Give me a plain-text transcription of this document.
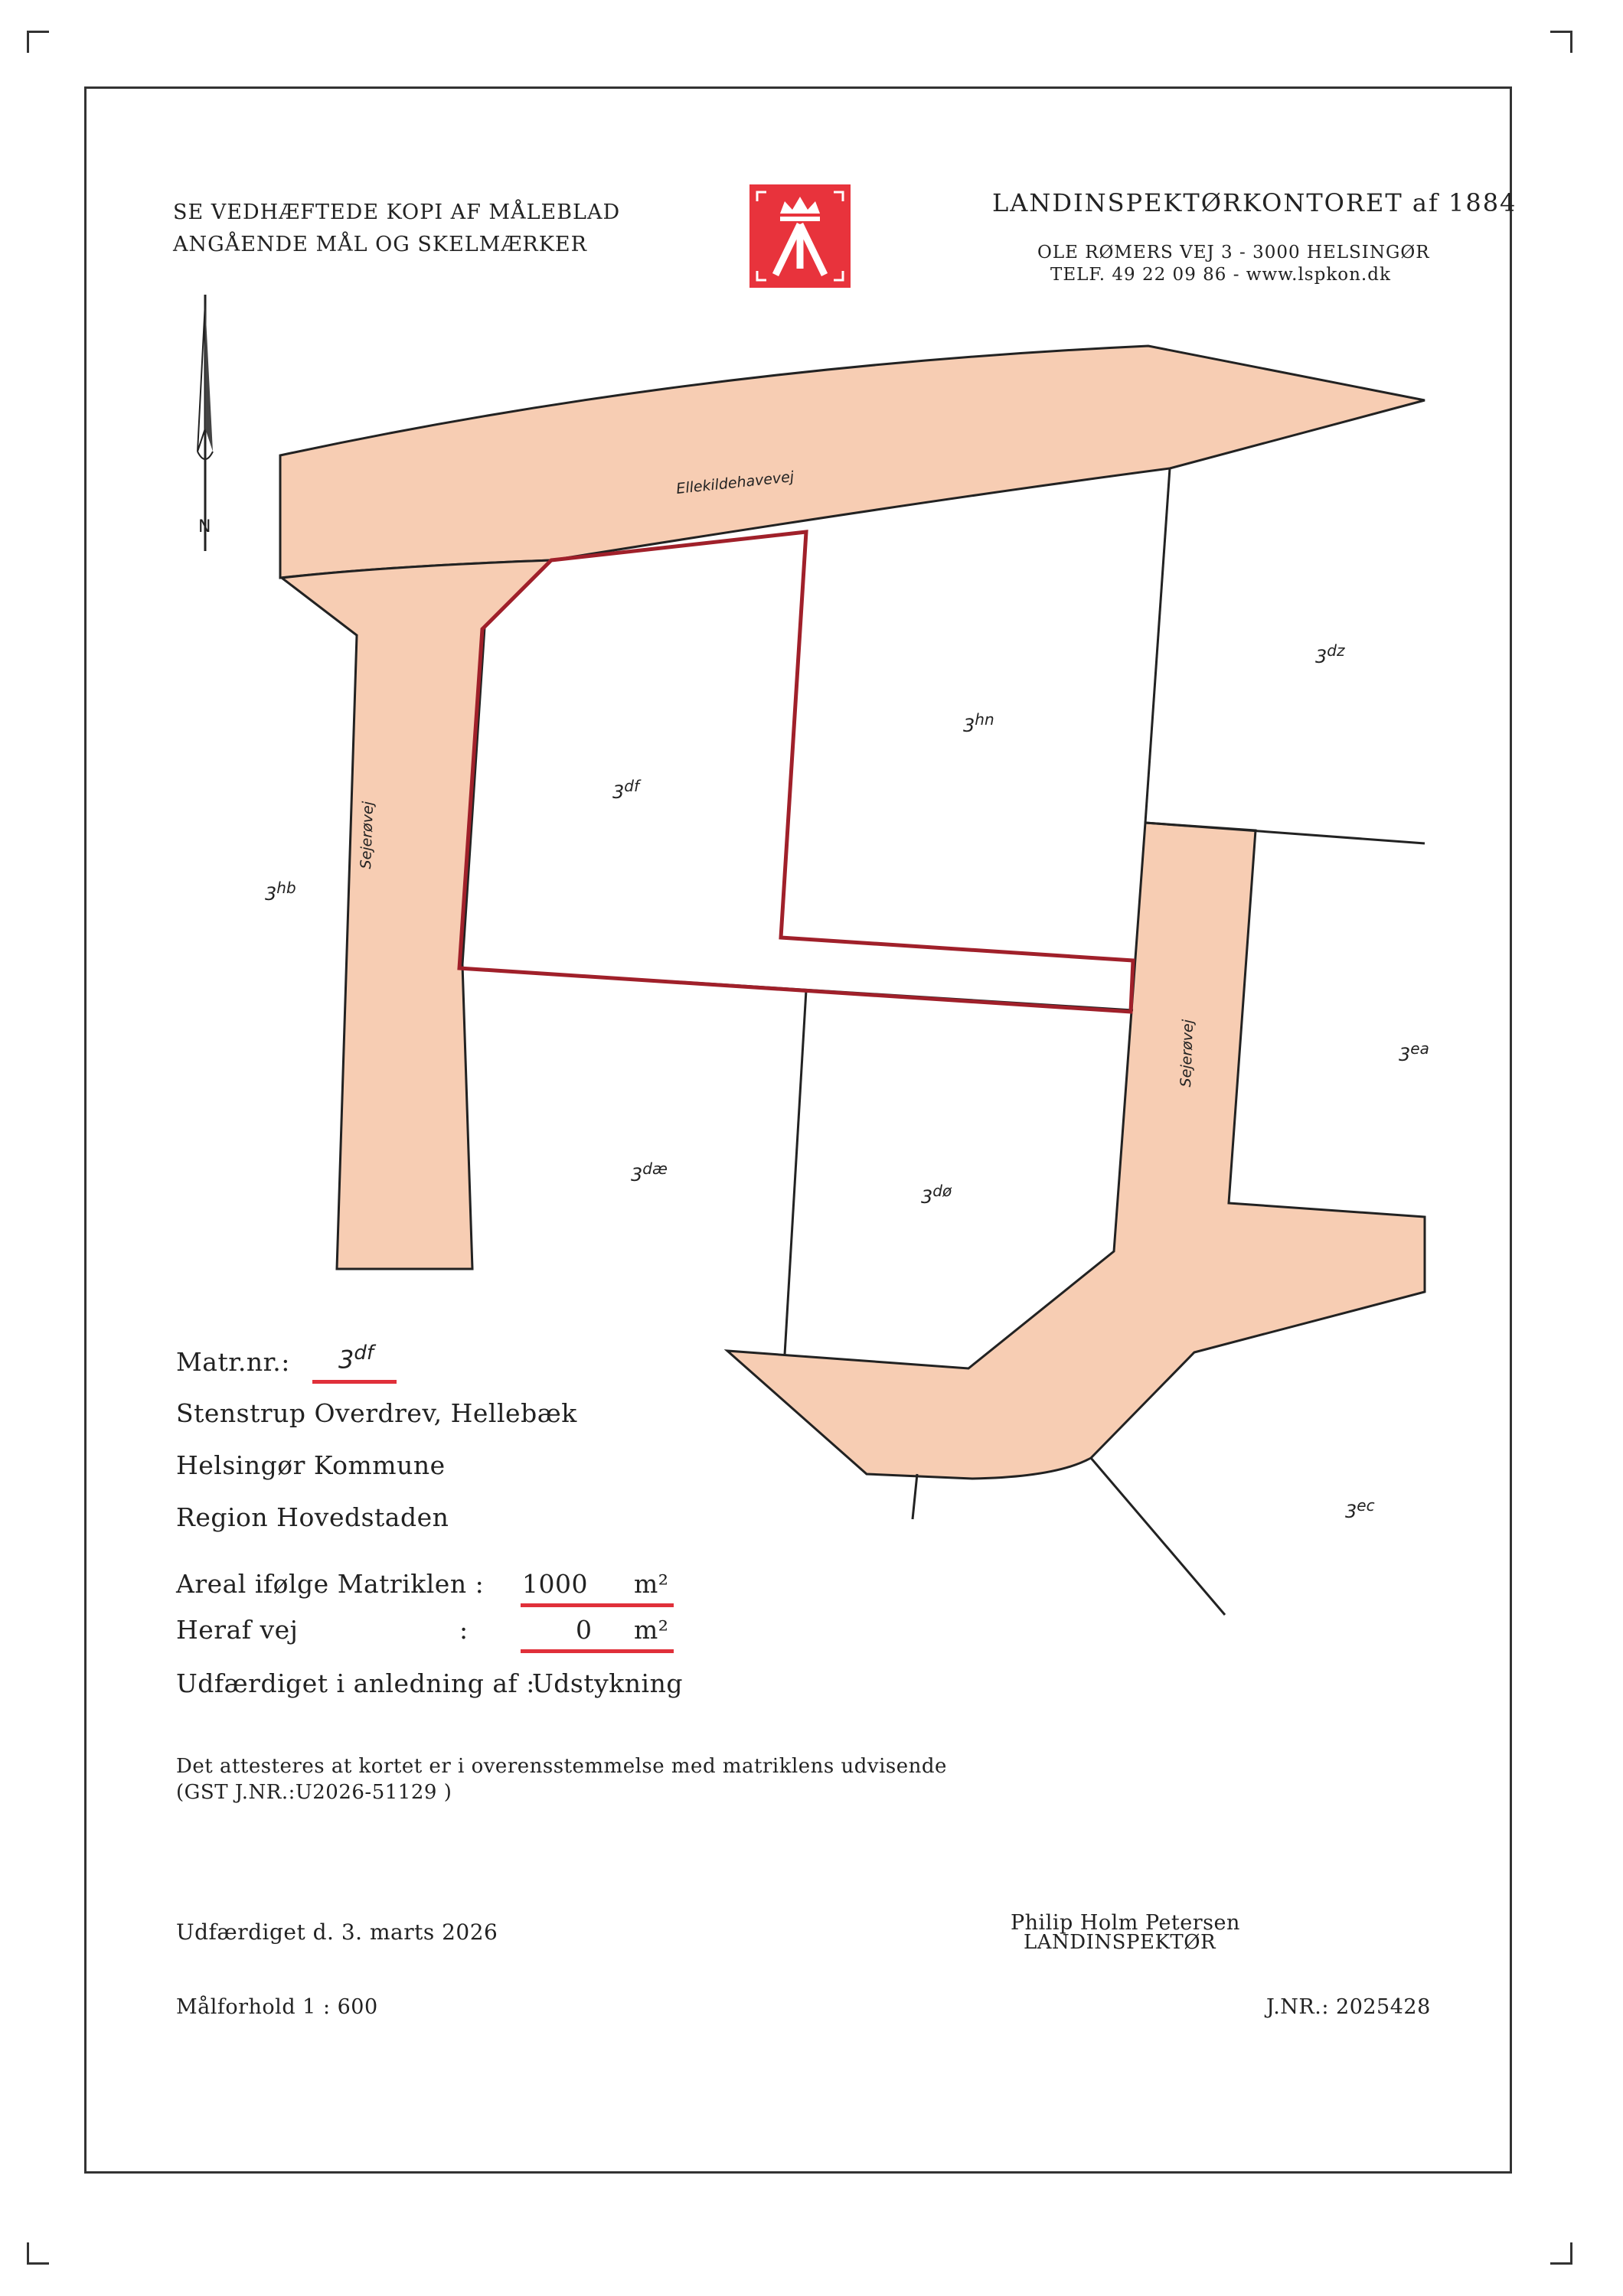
SE VEDHÆFTEDE KOPI AF MÅLEBLAD
ANGÅENDE MÅL OG SKELMÆRKER
LANDINSPEKTØRKONTORET af 1884
OLE RØMERS VEJ 3 - 3000 HELSINGØR
TELF. 49 22 09 86 - www.lspkon.dk
Ellekildehavevej
Sejerøvej
Sejerøvej
$3^{dz}$
$3^{hn}$
$3^{df}$
$3^{hb}$
$3^{ea}$
$3^{dæ}$
$3^{dø}$
$3^{ec}$
N
Matr.nr.: $3^{df}$
Stenstrup Overdrev, Hellebæk
Helsingør Kommune
Region Hovedstaden
Areal ifølge Matriklen : 1000 m²
Heraf vej	:	0 m²
Udfærdiget i anledning af :
Udstykning
Det attesteres at kortet er i overensstemmelse med matriklens udvisende
(GST J.NR.:U2026-51129 )
Udfærdiget d. 3. marts 2026	Philip Holm Petersen
LANDINSPEKTØR
Målforhold 1 : 600	J.NR.: 2025428
